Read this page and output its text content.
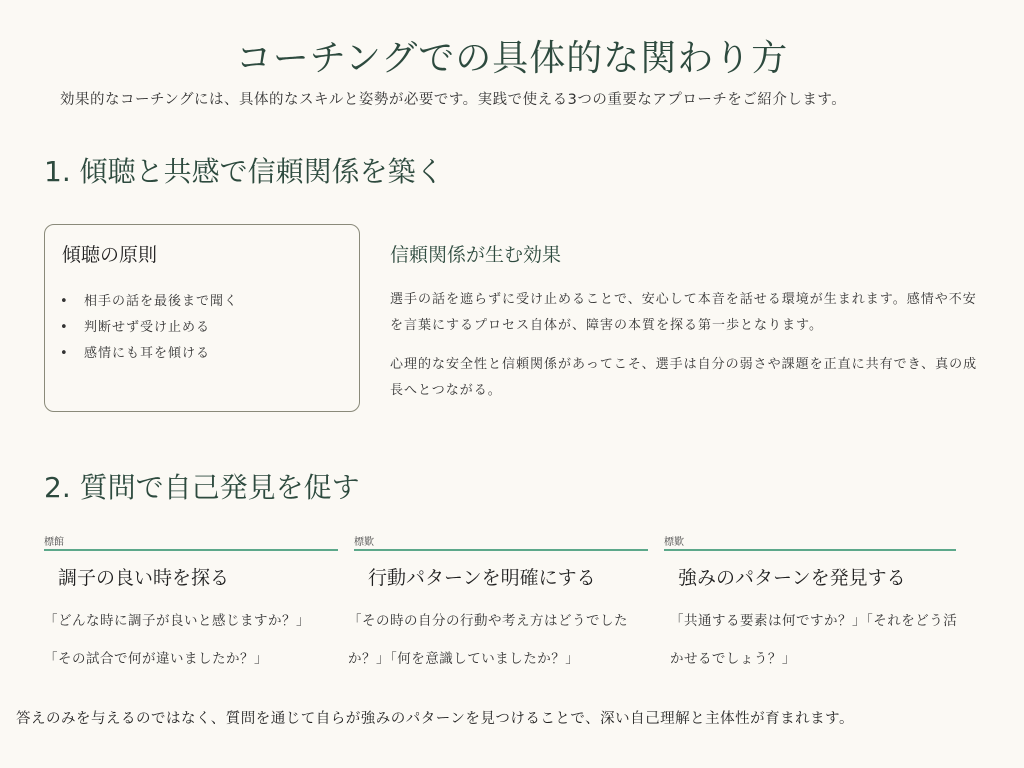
コーチングでの具体的な関わり方
効果的なコーチングには、具体的なスキルと姿勢が必要です。実践で使える3つの重要なアプローチをご紹介します。
1. 傾聴と共感で信頼関係を築く
傾聴の原則
• 相手の話を最後まで聞く
• 判断せず受け止める
• 感情にも耳を傾ける
信頼関係が生む効果
選手の話を遮らずに受け止めることで、安心して本音を話せる環境が生まれます。感情や不安を言葉にするプロセス自体が、障害の本質を探る第一歩となります。
心理的な安全性と信頼関係があってこそ、選手は自分の弱さや課題を正直に共有でき、真の成長へとつながる。
2. 質問で自己発見を促す
標館
調子の良い時を探る
「どんな時に調子が良いと感じますか？」
「その試合で何が違いましたか？」
標歎
行動パターンを明確にする
「その時の自分の行動や考え方はどうでしたか？」「何を意識していましたか？」
標歎
強みのパターンを発見する
「共通する要素は何ですか？」「それをどう活かせるでしょう？」
答えのみを与えるのではなく、質問を通じて自らが強みのパターンを見つけることで、深い自己理解と主体性が育まれます。
